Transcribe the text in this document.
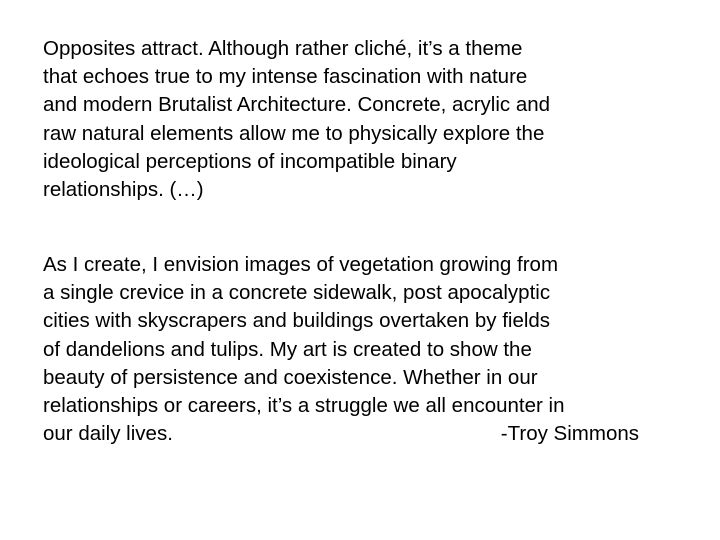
Opposites attract. Although rather cliché, it’s a theme
that echoes true to my intense fascination with nature
and modern Brutalist Architecture. Concrete, acrylic and
raw natural elements allow me to physically explore the
ideological perceptions of incompatible binary
relationships. (…)
As I create, I envision images of vegetation growing from
a single crevice in a concrete sidewalk, post apocalyptic
cities with skyscrapers and buildings overtaken by fields
of dandelions and tulips. My art is created to show the
beauty of persistence and coexistence. Whether in our
relationships or careers, it’s a struggle we all encounter in
our daily lives.	-Troy Simmons
